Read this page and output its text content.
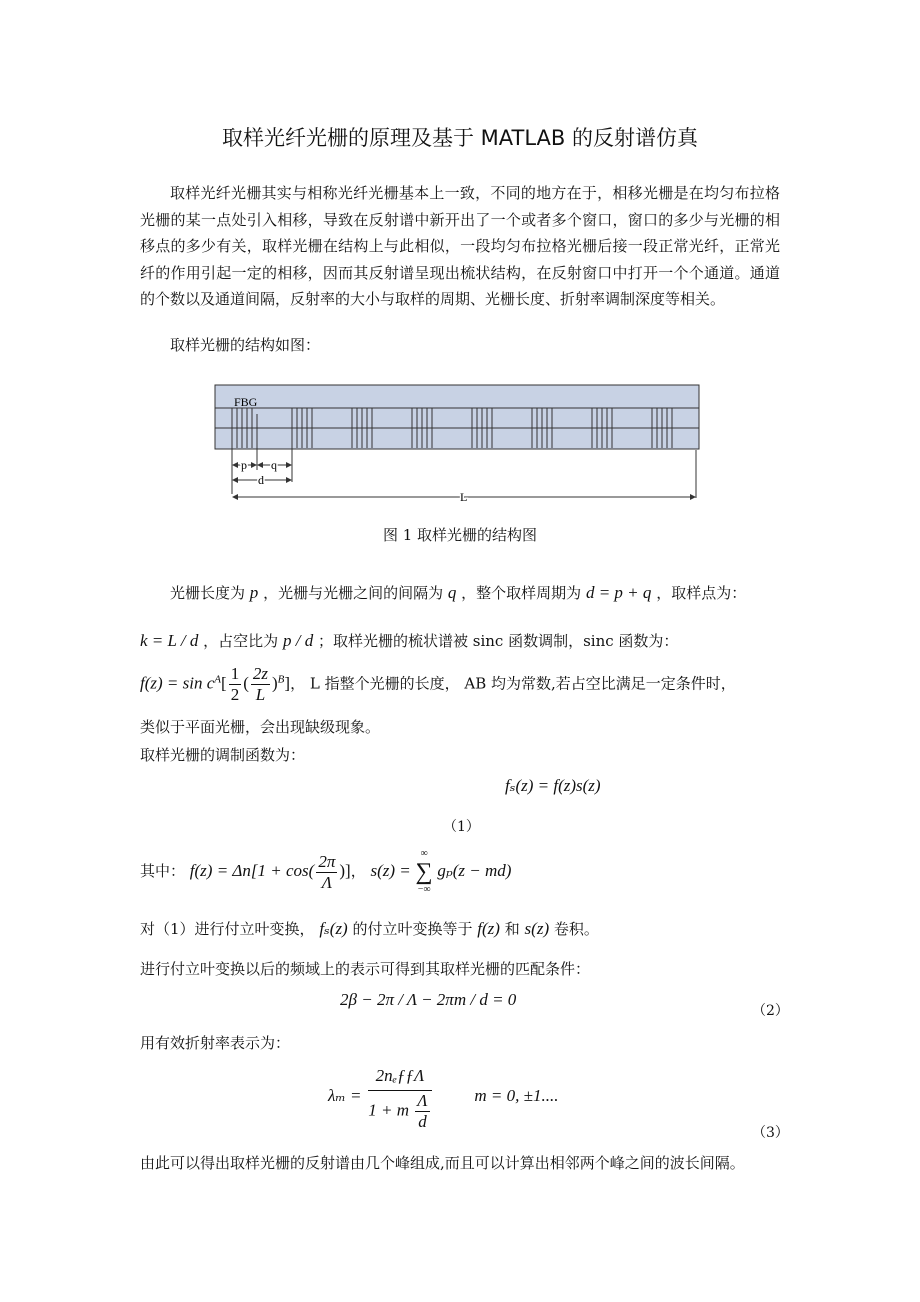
取样光纤光栅的原理及基于 MATLAB 的反射谱仿真
取样光纤光栅其实与相称光纤光栅基本上一致，不同的地方在于，相移光栅是在均匀布拉格光栅的某一点处引入相移，导致在反射谱中新开出了一个或者多个窗口，窗口的多少与光栅的相移点的多少有关，取样光栅在结构上与此相似，一段均匀布拉格光栅后接一段正常光纤，正常光纤的作用引起一定的相移，因而其反射谱呈现出梳状结构，在反射窗口中打开一个个通道。通道的个数以及通道间隔，反射率的大小与取样的周期、光栅长度、折射率调制深度等相关。
取样光栅的结构如图：
FBG
p q
d
L
图 1 取样光栅的结构图
光栅长度为 p ，光栅与光栅之间的间隔为 q ，整个取样周期为 d = p + q ，取样点为：
k = L / d ，占空比为 p / d ；取样光栅的梳状谱被 sinc 函数调制，sinc 函数为：
$f(z) = \sin c^A[ \frac{1}{2}$ ( $\frac{2z}{L} )^B$]， L 指整个光栅的长度， AB 均为常数,若占空比满足一定条件时，
类似于平面光栅，会出现缺级现象。
取样光栅的调制函数为：
fₛ(z) = f(z)s(z)
（1）
其中： $f(z) = \Delta n[1 + \cos( \frac{2\pi}{\Lambda}$ )]， s(z) =
∞
∑
−∞
gₚ(z − md)
对（1）进行付立叶变换， fₛ(z) 的付立叶变换等于 f(z) 和 s(z) 卷积。
进行付立叶变换以后的频域上的表示可得到其取样光栅的匹配条件：
2β − 2π / Λ − 2πm / d = 0
（2）
用有效折射率表示为：
$\lambda_m = \frac{\text{2nₑƒƒΛ}}{1 + m \frac{\Lambda}{d}}$	m = 0, ±1....
（3）
由此可以得出取样光栅的反射谱由几个峰组成,而且可以计算出相邻两个峰之间的波长间隔。
